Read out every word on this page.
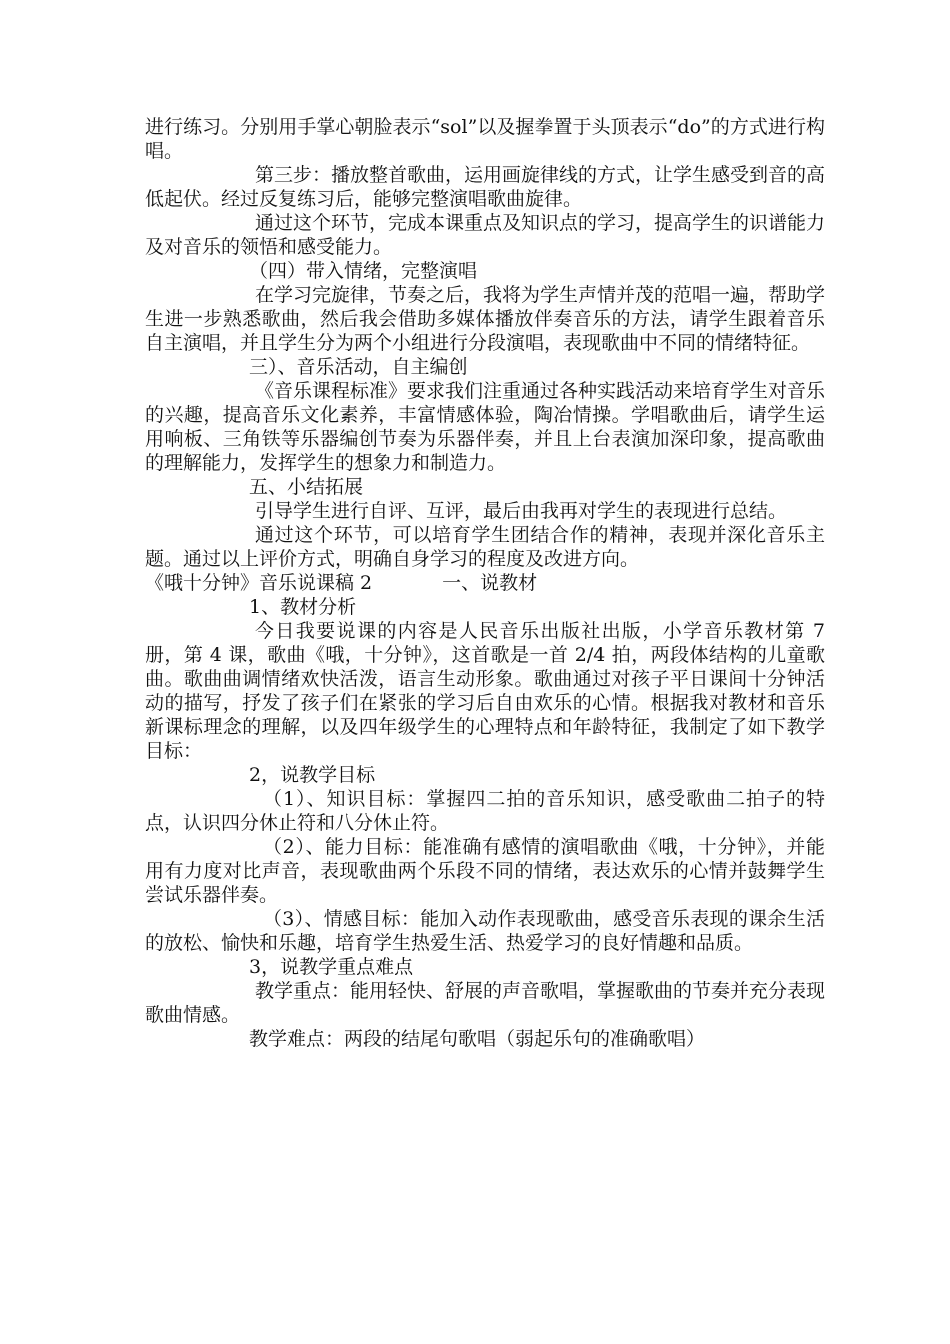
进行练习。分别用手掌心朝脸表示“sol”以及握拳置于头顶表示“do”的方式进行构唱。

第三步：播放整首歌曲，运用画旋律线的方式，让学生感受到音的高低起伏。经过反复练习后，能够完整演唱歌曲旋律。

通过这个环节，完成本课重点及知识点的学习，提高学生的识谱能力及对音乐的领悟和感受能力。

（四）带入情绪，完整演唱

在学习完旋律，节奏之后，我将为学生声情并茂的范唱一遍，帮助学生进一步熟悉歌曲，然后我会借助多媒体播放伴奏音乐的方法，请学生跟着音乐自主演唱，并且学生分为两个小组进行分段演唱，表现歌曲中不同的情绪特征。

三）、音乐活动，自主编创

《音乐课程标准》要求我们注重通过各种实践活动来培育学生对音乐的兴趣，提高音乐文化素养，丰富情感体验，陶冶情操。学唱歌曲后，请学生运用响板、三角铁等乐器编创节奏为乐器伴奏，并且上台表演加深印象，提高歌曲的理解能力，发挥学生的想象力和制造力。

五、小结拓展

引导学生进行自评、互评，最后由我再对学生的表现进行总结。

通过这个环节，可以培育学生团结合作的精神，表现并深化音乐主题。通过以上评价方式，明确自身学习的程度及改进方向。

《哦十分钟》音乐说课稿 2	一、说教材

1、教材分析

今日我要说课的内容是人民音乐出版社出版，小学音乐教材第 7 册，第 4 课，歌曲《哦，十分钟》，这首歌是一首 2/4 拍，两段体结构的儿童歌曲。歌曲曲调情绪欢快活泼，语言生动形象。歌曲通过对孩子平日课间十分钟活动的描写，抒发了孩子们在紧张的学习后自由欢乐的心情。根据我对教材和音乐新课标理念的理解，以及四年级学生的心理特点和年龄特征，我制定了如下教学目标：

2，说教学目标

（1）、知识目标：掌握四二拍的音乐知识，感受歌曲二拍子的特点，认识四分休止符和八分休止符。

（2）、能力目标：能准确有感情的演唱歌曲《哦，十分钟》，并能用有力度对比声音，表现歌曲两个乐段不同的情绪，表达欢乐的心情并鼓舞学生尝试乐器伴奏。

（3）、情感目标：能加入动作表现歌曲，感受音乐表现的课余生活的放松、愉快和乐趣，培育学生热爱生活、热爱学习的良好情趣和品质。

3，说教学重点难点

教学重点：能用轻快、舒展的声音歌唱，掌握歌曲的节奏并充分表现歌曲情感。

教学难点：两段的结尾句歌唱（弱起乐句的准确歌唱）
